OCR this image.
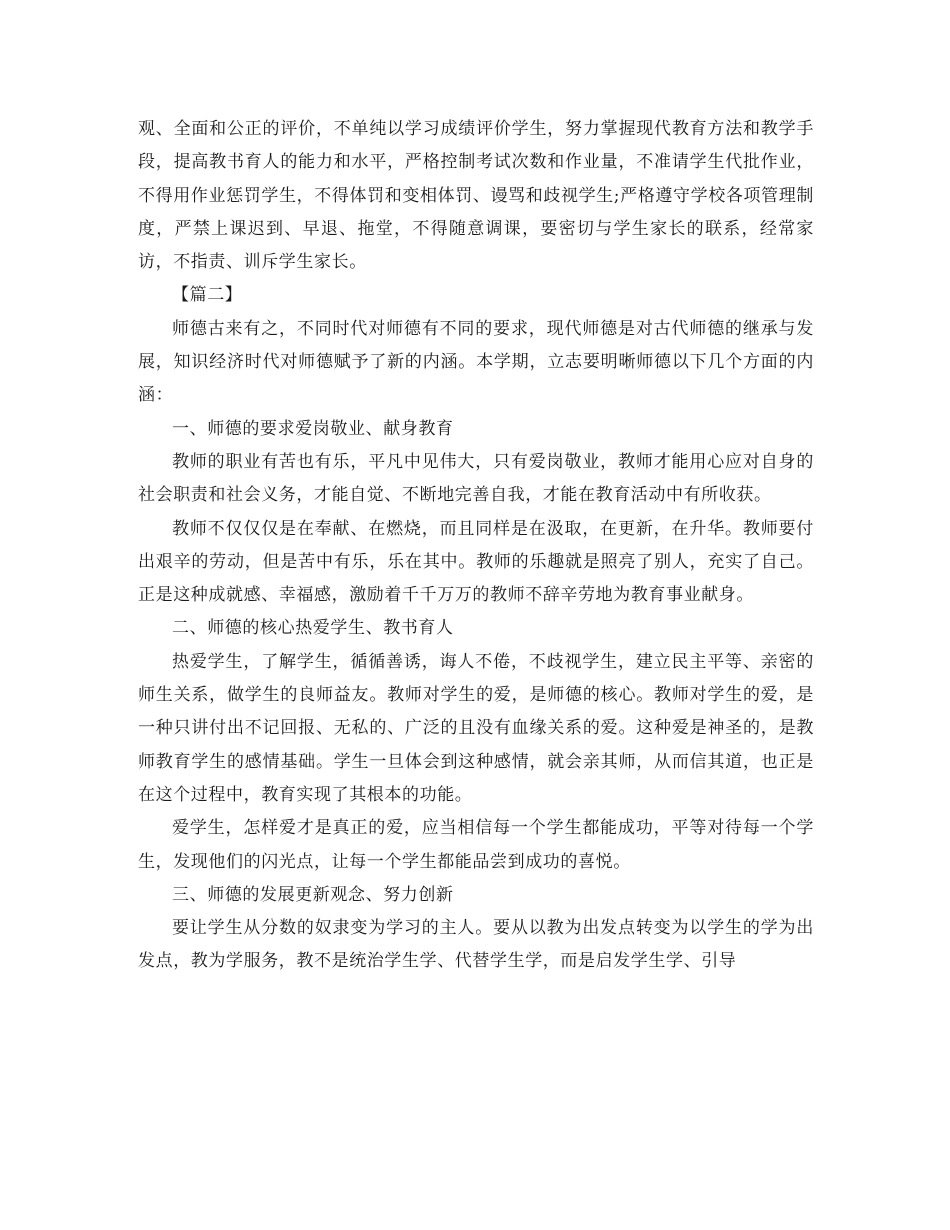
观、全面和公正的评价，不单纯以学习成绩评价学生，努力掌握现代教育方法和教学手段，提高教书育人的能力和水平，严格控制考试次数和作业量，不准请学生代批作业，不得用作业惩罚学生，不得体罚和变相体罚、谩骂和歧视学生;严格遵守学校各项管理制度，严禁上课迟到、早退、拖堂，不得随意调课，要密切与学生家长的联系，经常家访，不指责、训斥学生家长。

【篇二】

师德古来有之，不同时代对师德有不同的要求，现代师德是对古代师德的继承与发展，知识经济时代对师德赋予了新的内涵。本学期，立志要明晰师德以下几个方面的内涵：

一、师德的要求爱岗敬业、献身教育

教师的职业有苦也有乐，平凡中见伟大，只有爱岗敬业，教师才能用心应对自身的社会职责和社会义务，才能自觉、不断地完善自我，才能在教育活动中有所收获。

教师不仅仅仅是在奉献、在燃烧，而且同样是在汲取，在更新，在升华。教师要付出艰辛的劳动，但是苦中有乐，乐在其中。教师的乐趣就是照亮了别人，充实了自己。正是这种成就感、幸福感，激励着千千万万的教师不辞辛劳地为教育事业献身。

二、师德的核心热爱学生、教书育人

热爱学生，了解学生，循循善诱，诲人不倦，不歧视学生，建立民主平等、亲密的师生关系，做学生的良师益友。教师对学生的爱，是师德的核心。教师对学生的爱，是一种只讲付出不记回报、无私的、广泛的且没有血缘关系的爱。这种爱是神圣的，是教师教育学生的感情基础。学生一旦体会到这种感情，就会亲其师，从而信其道，也正是在这个过程中，教育实现了其根本的功能。

爱学生，怎样爱才是真正的爱，应当相信每一个学生都能成功，平等对待每一个学生，发现他们的闪光点，让每一个学生都能品尝到成功的喜悦。

三、师德的发展更新观念、努力创新

要让学生从分数的奴隶变为学习的主人。要从以教为出发点转变为以学生的学为出发点，教为学服务，教不是统治学生学、代替学生学，而是启发学生学、引导
